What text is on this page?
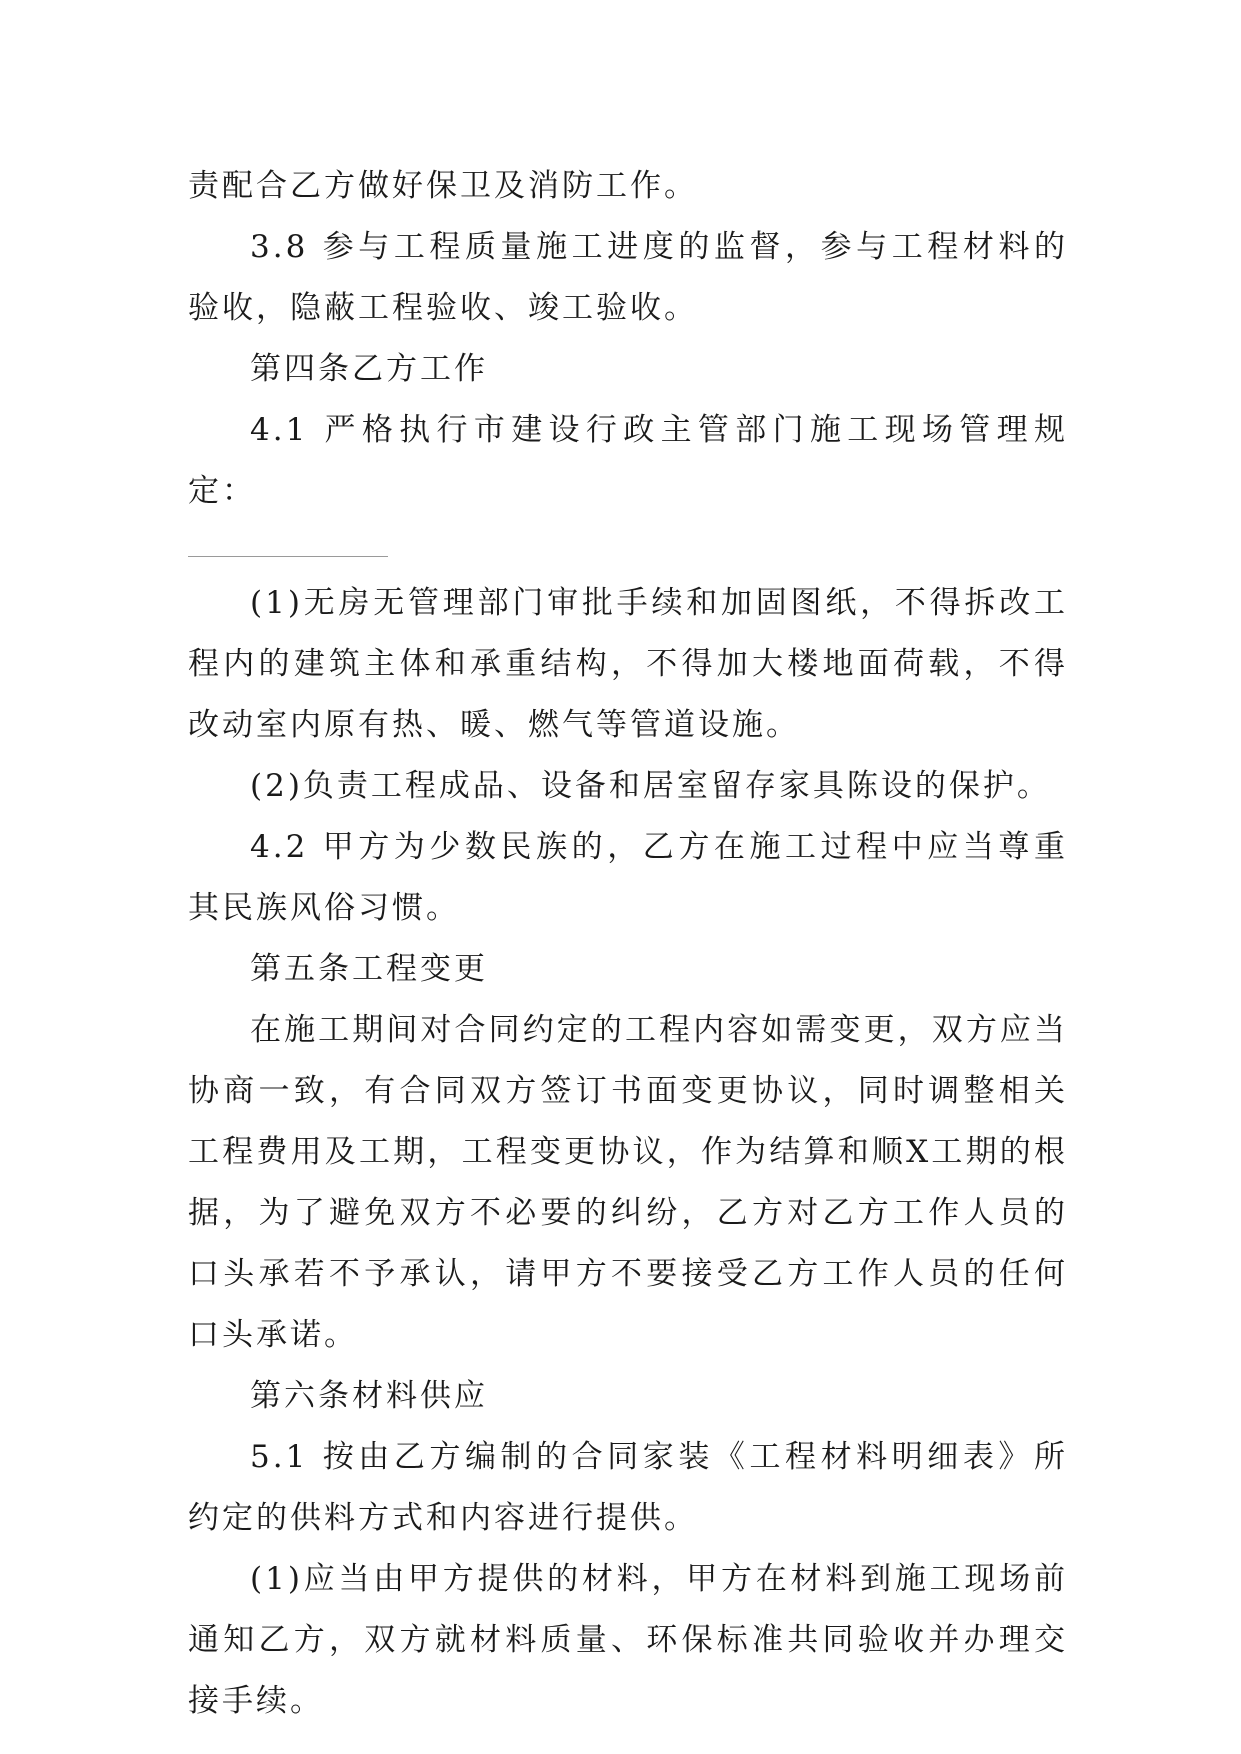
责配合乙方做好保卫及消防工作。

3.8 参与工程质量施工进度的监督，参与工程材料的验收，隐蔽工程验收、竣工验收。

第四条乙方工作

4.1 严格执行市建设行政主管部门施工现场管理规定：

(1)无房无管理部门审批手续和加固图纸，不得拆改工程内的建筑主体和承重结构，不得加大楼地面荷载，不得改动室内原有热、暖、燃气等管道设施。

(2)负责工程成品、设备和居室留存家具陈设的保护。

4.2 甲方为少数民族的，乙方在施工过程中应当尊重其民族风俗习惯。

第五条工程变更

在施工期间对合同约定的工程内容如需变更，双方应当协商一致，有合同双方签订书面变更协议，同时调整相关工程费用及工期，工程变更协议，作为结算和顺X工期的根据，为了避免双方不必要的纠纷，乙方对乙方工作人员的口头承若不予承认，请甲方不要接受乙方工作人员的任何口头承诺。

第六条材料供应

5.1 按由乙方编制的合同家装《工程材料明细表》所约定的供料方式和内容进行提供。

(1)应当由甲方提供的材料，甲方在材料到施工现场前通知乙方，双方就材料质量、环保标准共同验收并办理交接手续。
